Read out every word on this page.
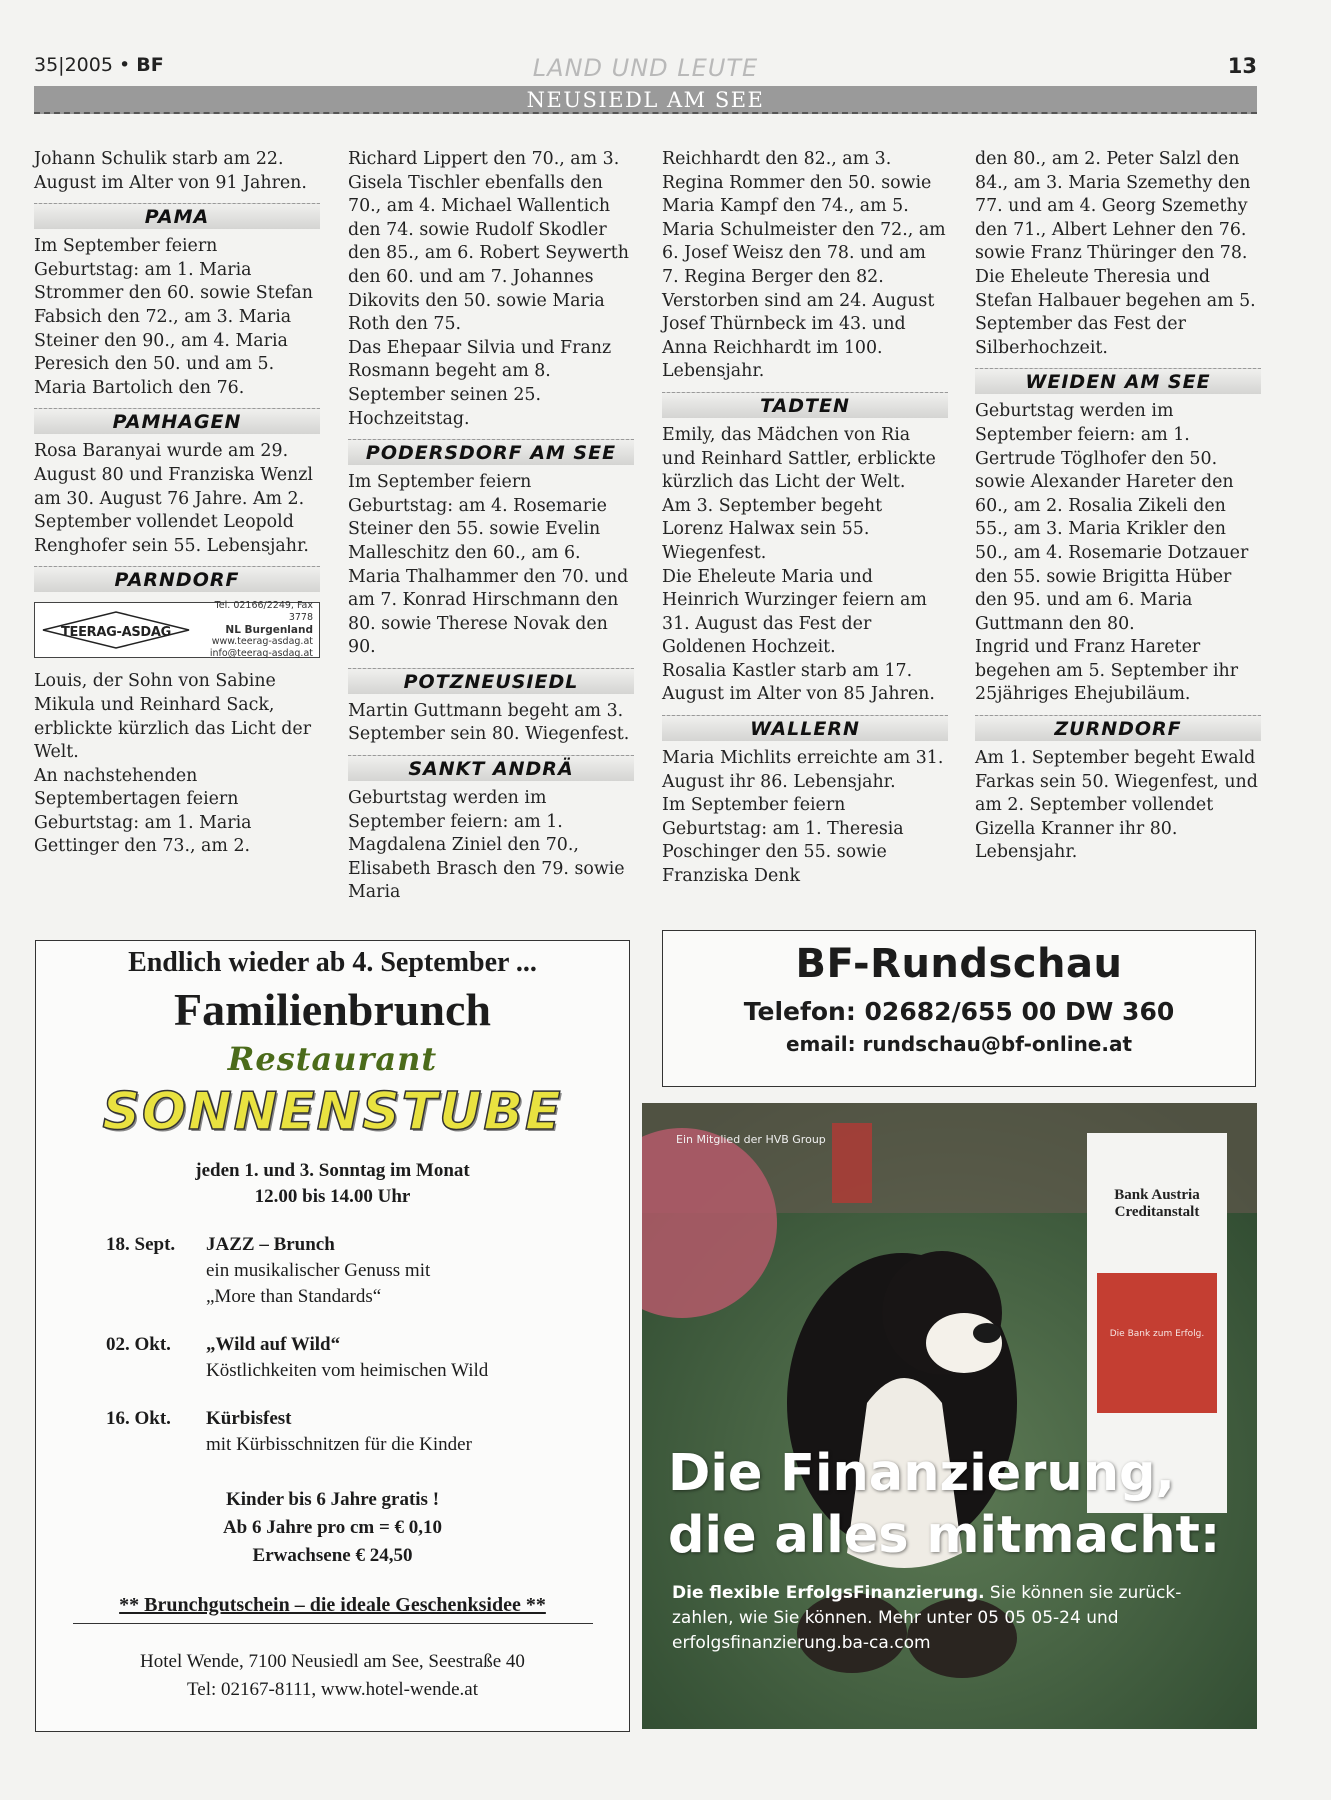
35|2005 • BF	LAND UND LEUTE	13
NEUSIEDL AM SEE

Johann Schulik starb am 22. August im Alter von 91 Jahren.

PAMA

Im September feiern Geburtstag: am 1. Maria Strommer den 60. sowie Stefan Fabsich den 72., am 3. Maria Steiner den 90., am 4. Maria Peresich den 50. und am 5. Maria Bartolich den 76.

PAMHAGEN

Rosa Baranyai wurde am 29. August 80 und Franziska Wenzl am 30. August 76 Jahre. Am 2. September vollendet Leopold Renghofer sein 55. Lebensjahr.

PARNDORF
TEERAG-ASDAG
Tel. 02166/2249, Fax 3778
NL Burgenland
www.teerag-asdag.at
info@teerag-asdag.at

Louis, der Sohn von Sabine Mikula und Reinhard Sack, erblickte kürzlich das Licht der Welt.

An nachstehenden Septembertagen feiern Geburtstag: am 1. Maria Gettinger den 73., am 2.

Richard Lippert den 70., am 3. Gisela Tischler ebenfalls den 70., am 4. Michael Wallentich den 74. sowie Rudolf Skodler den 85., am 6. Robert Seywerth den 60. und am 7. Johannes Dikovits den 50. sowie Maria Roth den 75.

Das Ehepaar Silvia und Franz Rosmann begeht am 8. September seinen 25. Hochzeitstag.

PODERSDORF AM SEE

Im September feiern Geburtstag: am 4. Rosemarie Steiner den 55. sowie Evelin Malleschitz den 60., am 6. Maria Thalhammer den 70. und am 7. Konrad Hirschmann den 80. sowie Therese Novak den 90.

POTZNEUSIEDL

Martin Guttmann begeht am 3. September sein 80. Wiegenfest.

SANKT ANDRÄ

Geburtstag werden im September feiern: am 1. Magdalena Ziniel den 70., Elisabeth Brasch den 79. sowie Maria

Reichhardt den 82., am 3. Regina Rommer den 50. sowie Maria Kampf den 74., am 5. Maria Schulmeister den 72., am 6. Josef Weisz den 78. und am 7. Regina Berger den 82.

Verstorben sind am 24. August Josef Thürnbeck im 43. und Anna Reichhardt im 100. Lebensjahr.

TADTEN

Emily, das Mädchen von Ria und Reinhard Sattler, erblickte kürzlich das Licht der Welt.

Am 3. September begeht Lorenz Halwax sein 55. Wiegenfest.

Die Eheleute Maria und Heinrich Wurzinger feiern am 31. August das Fest der Goldenen Hochzeit.

Rosalia Kastler starb am 17. August im Alter von 85 Jahren.

WALLERN

Maria Michlits erreichte am 31. August ihr 86. Lebensjahr.

Im September feiern Geburtstag: am 1. Theresia Poschinger den 55. sowie Franziska Denk

den 80., am 2. Peter Salzl den 84., am 3. Maria Szemethy den 77. und am 4. Georg Szemethy den 71., Albert Lehner den 76. sowie Franz Thüringer den 78.

Die Eheleute Theresia und Stefan Halbauer begehen am 5. September das Fest der Silberhochzeit.

WEIDEN AM SEE

Geburtstag werden im September feiern: am 1. Gertrude Töglhofer den 50. sowie Alexander Hareter den 60., am 2. Rosalia Zikeli den 55., am 3. Maria Krikler den 50., am 4. Rosemarie Dotzauer den 55. sowie Brigitta Hüber den 95. und am 6. Maria Guttmann den 80.

Ingrid und Franz Hareter begehen am 5. September ihr 25jähriges Ehejubiläum.

ZURNDORF

Am 1. September begeht Ewald Farkas sein 50. Wiegenfest, und am 2. September vollendet Gizella Kranner ihr 80. Lebensjahr.

Endlich wieder ab 4. September ...
Familienbrunch
Restaurant
SONNENSTUBE
jeden 1. und 3. Sonntag im Monat
12.00 bis 14.00 Uhr
18. Sept.	JAZZ – Brunch
ein musikalischer Genuss mit
„More than Standards“
02. Okt.	„Wild auf Wild“
Köstlichkeiten vom heimischen Wild
16. Okt.	Kürbisfest
mit Kürbisschnitzen für die Kinder
Kinder bis 6 Jahre gratis !
Ab 6 Jahre pro cm = € 0,10
Erwachsene € 24,50
** Brunchgutschein – die ideale Geschenksidee **
Hotel Wende, 7100 Neusiedl am See, Seestraße 40
Tel: 02167-8111, www.hotel-wende.at
BF-Rundschau
Telefon: 02682/655 00 DW 360
email: rundschau@bf-online.at
Ein Mitglied der HVB Group
Bank Austria
Creditanstalt
Die Bank zum Erfolg.
Die Finanzierung,
die alles mitmacht:
Die flexible ErfolgsFinanzierung. Sie können sie zurück-
zahlen, wie Sie können. Mehr unter 05 05 05-24 und
erfolgsfinanzierung.ba-ca.com
